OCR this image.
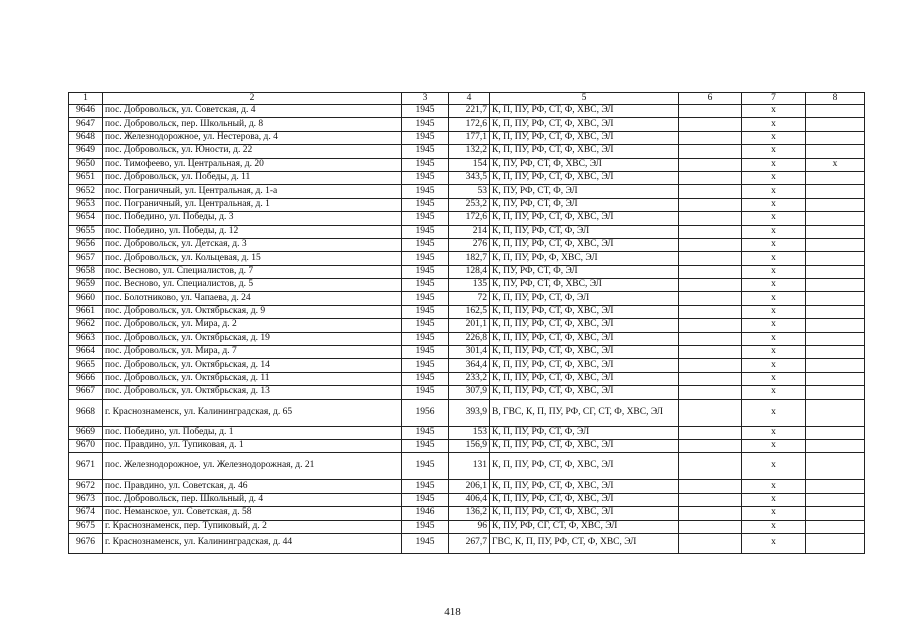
1	2	3	4	5	6	7	8
9646	пос. Добровольск, ул. Советская, д. 4	1945	221,7	К, П, ПУ, РФ, СТ, Ф, ХВС, ЭЛ		х	
9647	пос. Добровольск, пер. Школьный, д. 8	1945	172,6	К, П, ПУ, РФ, СТ, Ф, ХВС, ЭЛ		х	
9648	пос. Железнодорожное, ул. Нестерова, д. 4	1945	177,1	К, П, ПУ, РФ, СТ, Ф, ХВС, ЭЛ		х	
9649	пос. Добровольск, ул. Юности, д. 22	1945	132,2	К, П, ПУ, РФ, СТ, Ф, ХВС, ЭЛ		х	
9650	пос. Тимофеево, ул. Центральная, д. 20	1945	154	К, ПУ, РФ, СТ, Ф, ХВС, ЭЛ		х	х
9651	пос. Добровольск, ул. Победы, д. 11	1945	343,5	К, П, ПУ, РФ, СТ, Ф, ХВС, ЭЛ		х	
9652	пос. Пограничный, ул. Центральная, д. 1-а	1945	53	К, ПУ, РФ, СТ, Ф, ЭЛ		х	
9653	пос. Пограничный, ул. Центральная, д. 1	1945	253,2	К, ПУ, РФ, СТ, Ф, ЭЛ		х	
9654	пос. Победино, ул. Победы, д. 3	1945	172,6	К, П, ПУ, РФ, СТ, Ф, ХВС, ЭЛ		х	
9655	пос. Победино, ул. Победы, д. 12	1945	214	К, П, ПУ, РФ, СТ, Ф, ЭЛ		х	
9656	пос. Добровольск, ул. Детская, д. 3	1945	276	К, П, ПУ, РФ, СТ, Ф, ХВС, ЭЛ		х	
9657	пос. Добровольск, ул. Кольцевая, д. 15	1945	182,7	К, П, ПУ, РФ, Ф, ХВС, ЭЛ		х	
9658	пос. Весново, ул. Специалистов, д. 7	1945	128,4	К, ПУ, РФ, СТ, Ф, ЭЛ		х	
9659	пос. Весново, ул. Специалистов, д. 5	1945	135	К, ПУ, РФ, СТ, Ф, ХВС, ЭЛ		х	
9660	пос. Болотниково, ул. Чапаева, д. 24	1945	72	К, П, ПУ, РФ, СТ, Ф, ЭЛ		х	
9661	пос. Добровольск, ул. Октябрьская, д. 9	1945	162,5	К, П, ПУ, РФ, СТ, Ф, ХВС, ЭЛ		х	
9662	пос. Добровольск, ул. Мира, д. 2	1945	201,1	К, П, ПУ, РФ, СТ, Ф, ХВС, ЭЛ		х	
9663	пос. Добровольск, ул. Октябрьская, д. 19	1945	226,8	К, П, ПУ, РФ, СТ, Ф, ХВС, ЭЛ		х	
9664	пос. Добровольск, ул. Мира, д. 7	1945	301,4	К, П, ПУ, РФ, СТ, Ф, ХВС, ЭЛ		х	
9665	пос. Добровольск, ул. Октябрьская, д. 14	1945	364,4	К, П, ПУ, РФ, СТ, Ф, ХВС, ЭЛ		х	
9666	пос. Добровольск, ул. Октябрьская, д. 11	1945	233,2	К, П, ПУ, РФ, СТ, Ф, ХВС, ЭЛ		х	
9667	пос. Добровольск, ул. Октябрьская, д. 13	1945	307,9	К, П, ПУ, РФ, СТ, Ф, ХВС, ЭЛ		х	
9668	г. Краснознаменск, ул. Калининградская, д. 65	1956	393,9	В, ГВС, К, П, ПУ, РФ, СГ, СТ, Ф, ХВС, ЭЛ		х	
9669	пос. Победино, ул. Победы, д. 1	1945	153	К, П, ПУ, РФ, СТ, Ф, ЭЛ		х	
9670	пос. Правдино, ул. Тупиковая, д. 1	1945	156,9	К, П, ПУ, РФ, СТ, Ф, ХВС, ЭЛ		х	
9671	пос. Железнодорожное, ул. Железнодорожная, д. 21	1945	131	К, П, ПУ, РФ, СТ, Ф, ХВС, ЭЛ		х	
9672	пос. Правдино, ул. Советская, д. 46	1945	206,1	К, П, ПУ, РФ, СТ, Ф, ХВС, ЭЛ		х	
9673	пос. Добровольск, пер. Школьный, д. 4	1945	406,4	К, П, ПУ, РФ, СТ, Ф, ХВС, ЭЛ		х	
9674	пос. Неманское, ул. Советская, д. 58	1946	136,2	К, П, ПУ, РФ, СТ, Ф, ХВС, ЭЛ		х	
9675	г. Краснознаменск, пер. Тупиковый, д. 2	1945	96	К, ПУ, РФ, СГ, СТ, Ф, ХВС, ЭЛ		х	
9676	г. Краснознаменск, ул. Калининградская, д. 44	1945	267,7	ГВС, К, П, ПУ, РФ, СТ, Ф, ХВС, ЭЛ		х	
418
